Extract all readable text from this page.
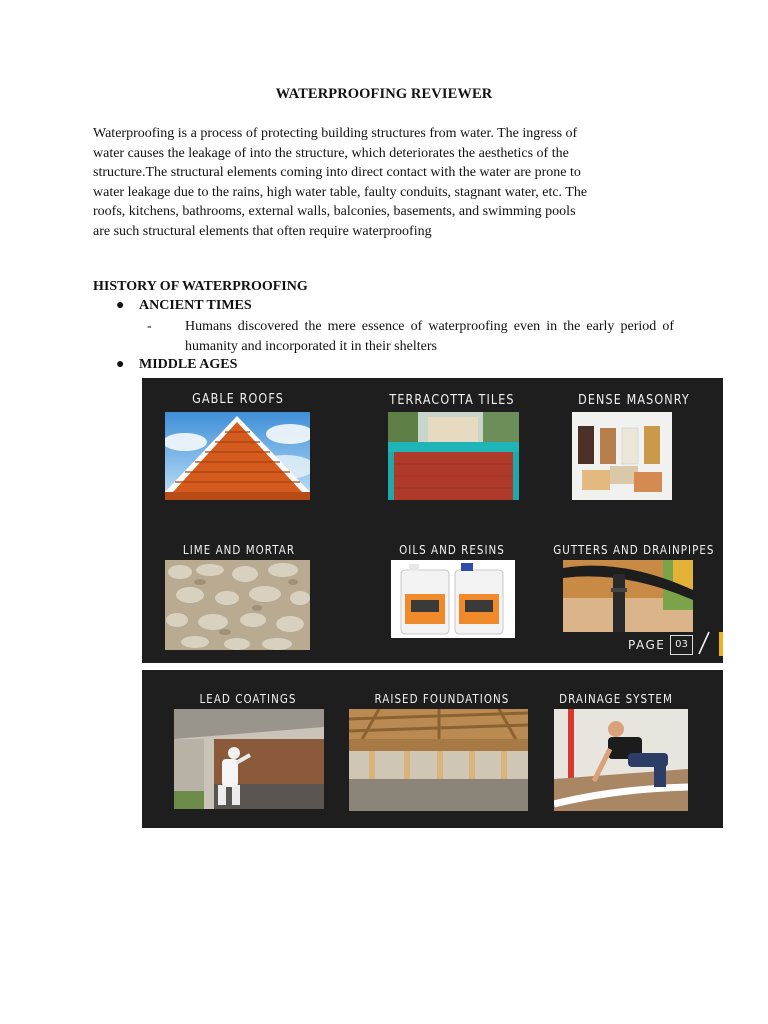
WATERPROOFING REVIEWER

Waterproofing is a process of protecting building structures from water. The ingress of water causes the leakage of into the structure, which deteriorates the aesthetics of the structure.The structural elements coming into direct contact with the water are prone to water leakage due to the rains, high water table, faulty conduits, stagnant water, etc. The roofs, kitchens, bathrooms, external walls, balconies, basements, and swimming pools are such structural elements that often require waterproofing

HISTORY OF WATERPROOFING
● ANCIENT TIMES
- Humans discovered the mere essence of waterproofing even in the early period of humanity and incorporated it in their shelters
● MIDDLE AGES
GABLE ROOFS	TERRACOTTA TILES	DENSE MASONRY
LIME AND MORTAR	OILS AND RESINS	GUTTERS AND DRAINPIPES
PAGE 03
LEAD COATINGS	RAISED FOUNDATIONS	DRAINAGE SYSTEM
